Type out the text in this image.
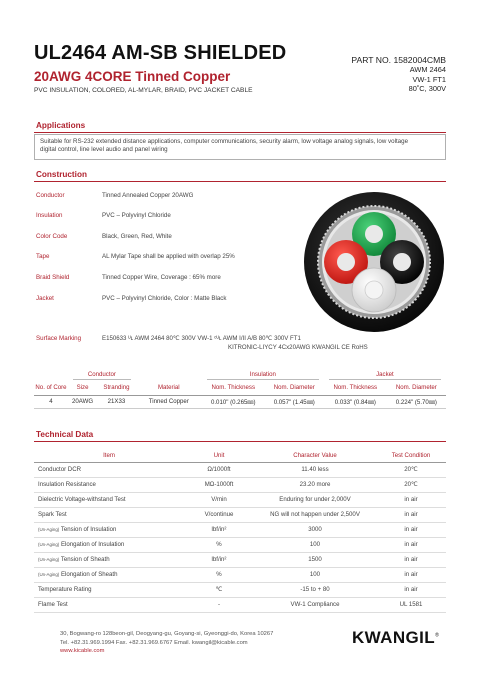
UL2464 AM-SB SHIELDED
20AWG 4CORE Tinned Copper
PVC INSULATION, COLORED, AL-MYLAR, BRAID, PVC JACKET CABLE
PART NO. 1582004CMB
AWM 2464
VW-1 FT1
80˚C, 300V
Applications
Suitable for RS-232 extended distance applications, computer communications, security alarm, low voltage analog signals, low voltage
digital control, line level audio and panel wiring
Construction
Conductor	Tinned Annealed Copper 20AWG
Insulation	PVC – Polyvinyl Chloride
Color Code	Black, Green, Red, White
Tape	AL Mylar Tape shall be applied with overlap 25%
Braid Shield	Tinned Copper Wire, Coverage : 65% more
Jacket	PVC – Polyvinyl Chloride, Color : Matte Black
Surface Marking	E150633 ᵁʟ AWM 2464 80℃ 300V VW-1 ᶜᵁʟ AWM I/II A/B 80℃ 300V FT1
KITRONIC-LIYCY 4Cx20AWG KWANGIL CE RoHS

	Conductor			Insulation		Jacket	

No. of Core	Size	Stranding	Material	Nom. Thickness	Nom. Diameter	Nom. Thickness	Nom. Diameter
4	20AWG	21X33	Tinned Copper	0.010" (0.265㎜)	0.057" (1.45㎜)	0.033" (0.84㎜)	0.224" (5.70㎜)
Technical Data
Item	Unit	Character Value	Test Condition
Conductor DCR	Ω/1000ft	11.40 less	20℃
Insulation Resistance	MΩ-1000ft	23.20 more	20℃
Dielectric Voltage-withstand Test	V/min	Enduring for under 2,000V	in air
Spark Test	V/continue	NG will not happen under 2,500V	in air
(Un-Aging) Tension of Insulation	lbf/in²	3000	in air
(Un-Aging) Elongation of Insulation	%	100	in air
(Un-Aging) Tension of Sheath	lbf/in²	1500	in air
(Un-Aging) Elongation of Sheath	%	100	in air
Temperature Rating	℃	-15 to + 80	in air
Flame Test	-	VW-1 Compliance	UL 1581
30, Bogwang-ro 128beon-gil, Deogyang-gu, Goyang-si, Gyeonggi-do, Korea 10267
Tel. +82.31.969.1994 Fax. +82.31.969.6767 Email. kwangil@kicable.com
www.kicable.com
KWANGIL®
